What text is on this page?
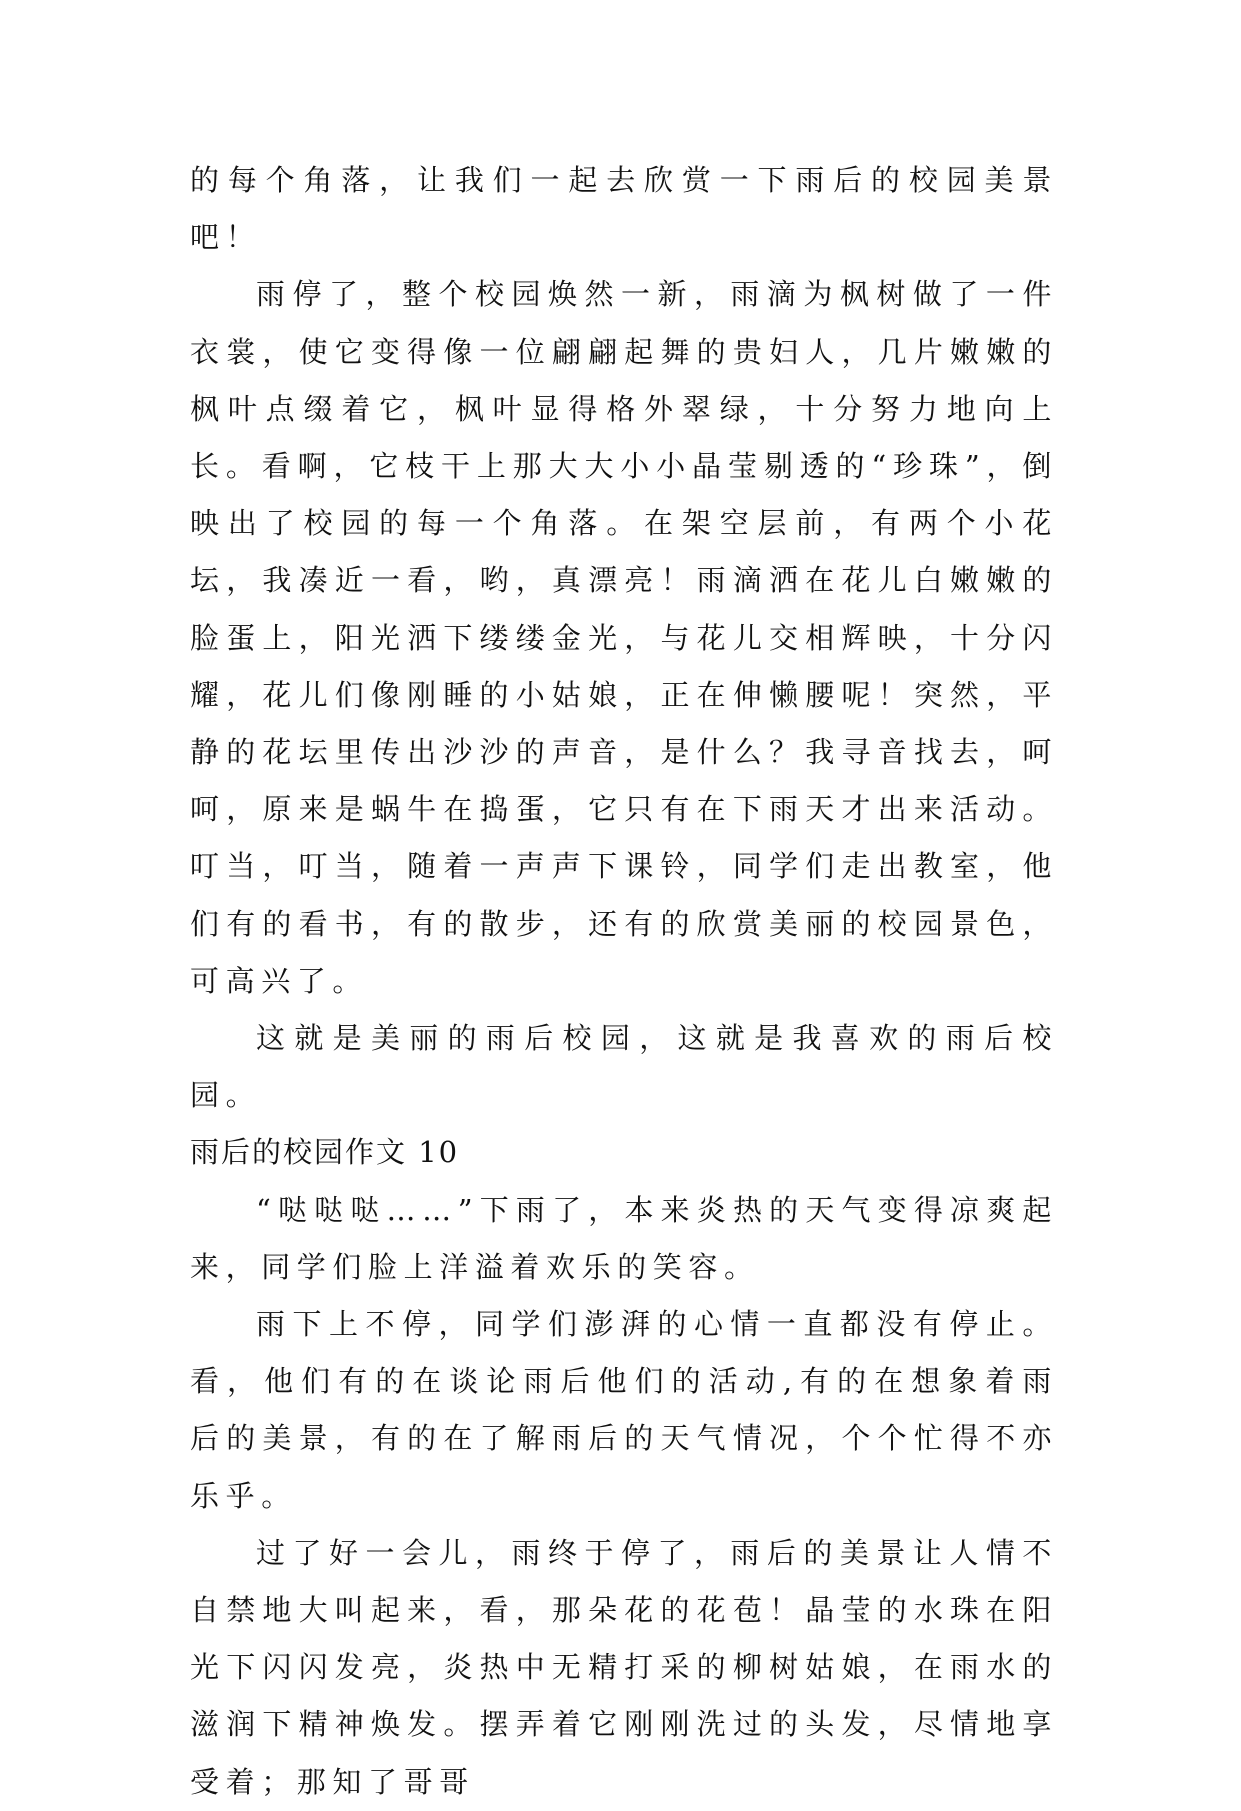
的每个角落，让我们一起去欣赏一下雨后的校园美景吧！

雨停了，整个校园焕然一新，雨滴为枫树做了一件衣裳，使它变得像一位翩翩起舞的贵妇人，几片嫩嫩的枫叶点缀着它，枫叶显得格外翠绿，十分努力地向上长。看啊，它枝干上那大大小小晶莹剔透的“珍珠”，倒映出了校园的每一个角落。在架空层前，有两个小花坛，我凑近一看，哟，真漂亮！雨滴洒在花儿白嫩嫩的脸蛋上，阳光洒下缕缕金光，与花儿交相辉映，十分闪耀，花儿们像刚睡的小姑娘，正在伸懒腰呢！突然，平静的花坛里传出沙沙的声音，是什么？我寻音找去，呵呵，原来是蜗牛在捣蛋，它只有在下雨天才出来活动。叮当，叮当，随着一声声下课铃，同学们走出教室，他们有的看书，有的散步，还有的欣赏美丽的校园景色，可高兴了。

这就是美丽的雨后校园，这就是我喜欢的雨后校园。

雨后的校园作文 10

“哒哒哒……”下雨了，本来炎热的天气变得凉爽起来，同学们脸上洋溢着欢乐的笑容。

雨下上不停，同学们澎湃的心情一直都没有停止。看，他们有的在谈论雨后他们的活动,有的在想象着雨后的美景，有的在了解雨后的天气情况，个个忙得不亦乐乎。

过了好一会儿，雨终于停了，雨后的美景让人情不自禁地大叫起来，看，那朵花的花苞！晶莹的水珠在阳光下闪闪发亮，炎热中无精打采的柳树姑娘，在雨水的滋润下精神焕发。摆弄着它刚刚洗过的头发，尽情地享受着；那知了哥哥
